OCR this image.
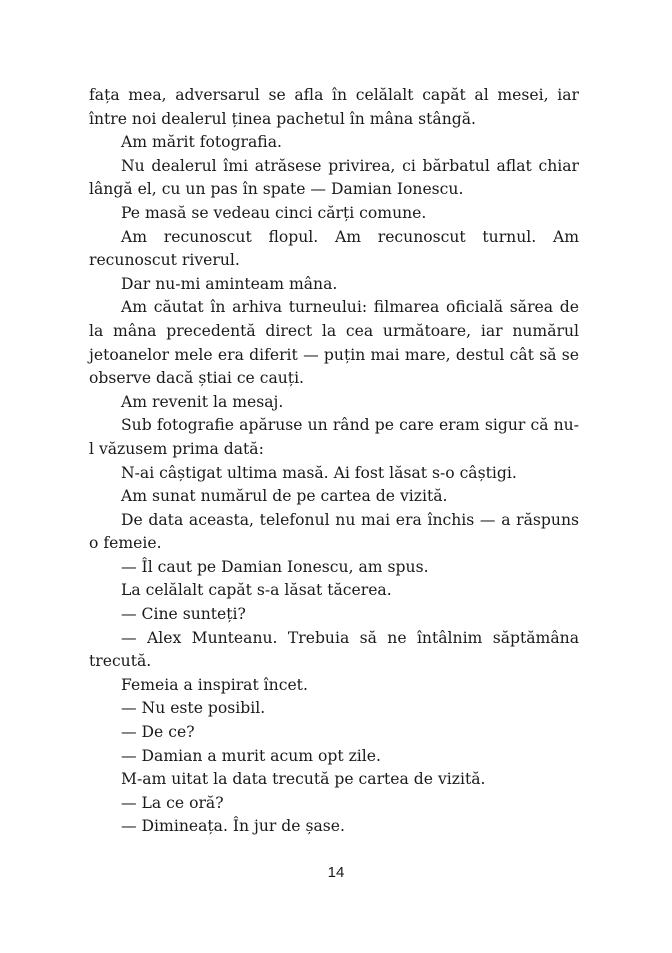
fața mea, adversarul se afla în celălalt capăt al mesei, iar între noi dealerul ținea pachetul în mâna stângă.

Am mărit fotografia.

Nu dealerul îmi atrăsese privirea, ci bărbatul aflat chiar lângă el, cu un pas în spate — Damian Ionescu.

Pe masă se vedeau cinci cărți comune.

Am recunoscut flopul. Am recunoscut turnul. Am recunoscut riverul.

Dar nu-mi aminteam mâna.

Am căutat în arhiva turneului: filmarea oficială sărea de la mâna precedentă direct la cea următoare, iar numărul jetoanelor mele era diferit — puțin mai mare, destul cât să se observe dacă știai ce cauți.

Am revenit la mesaj.

Sub fotografie apăruse un rând pe care eram sigur că nu-l văzusem prima dată:

N-ai câștigat ultima masă. Ai fost lăsat s-o câștigi.

Am sunat numărul de pe cartea de vizită.

De data aceasta, telefonul nu mai era închis — a răspuns o femeie.

— Îl caut pe Damian Ionescu, am spus.

La celălalt capăt s-a lăsat tăcerea.

— Cine sunteți?

— Alex Munteanu. Trebuia să ne întâlnim săptămâna trecută.

Femeia a inspirat încet.

— Nu este posibil.

— De ce?

— Damian a murit acum opt zile.

M-am uitat la data trecută pe cartea de vizită.

— La ce oră?

— Dimineața. În jur de șase.

14
